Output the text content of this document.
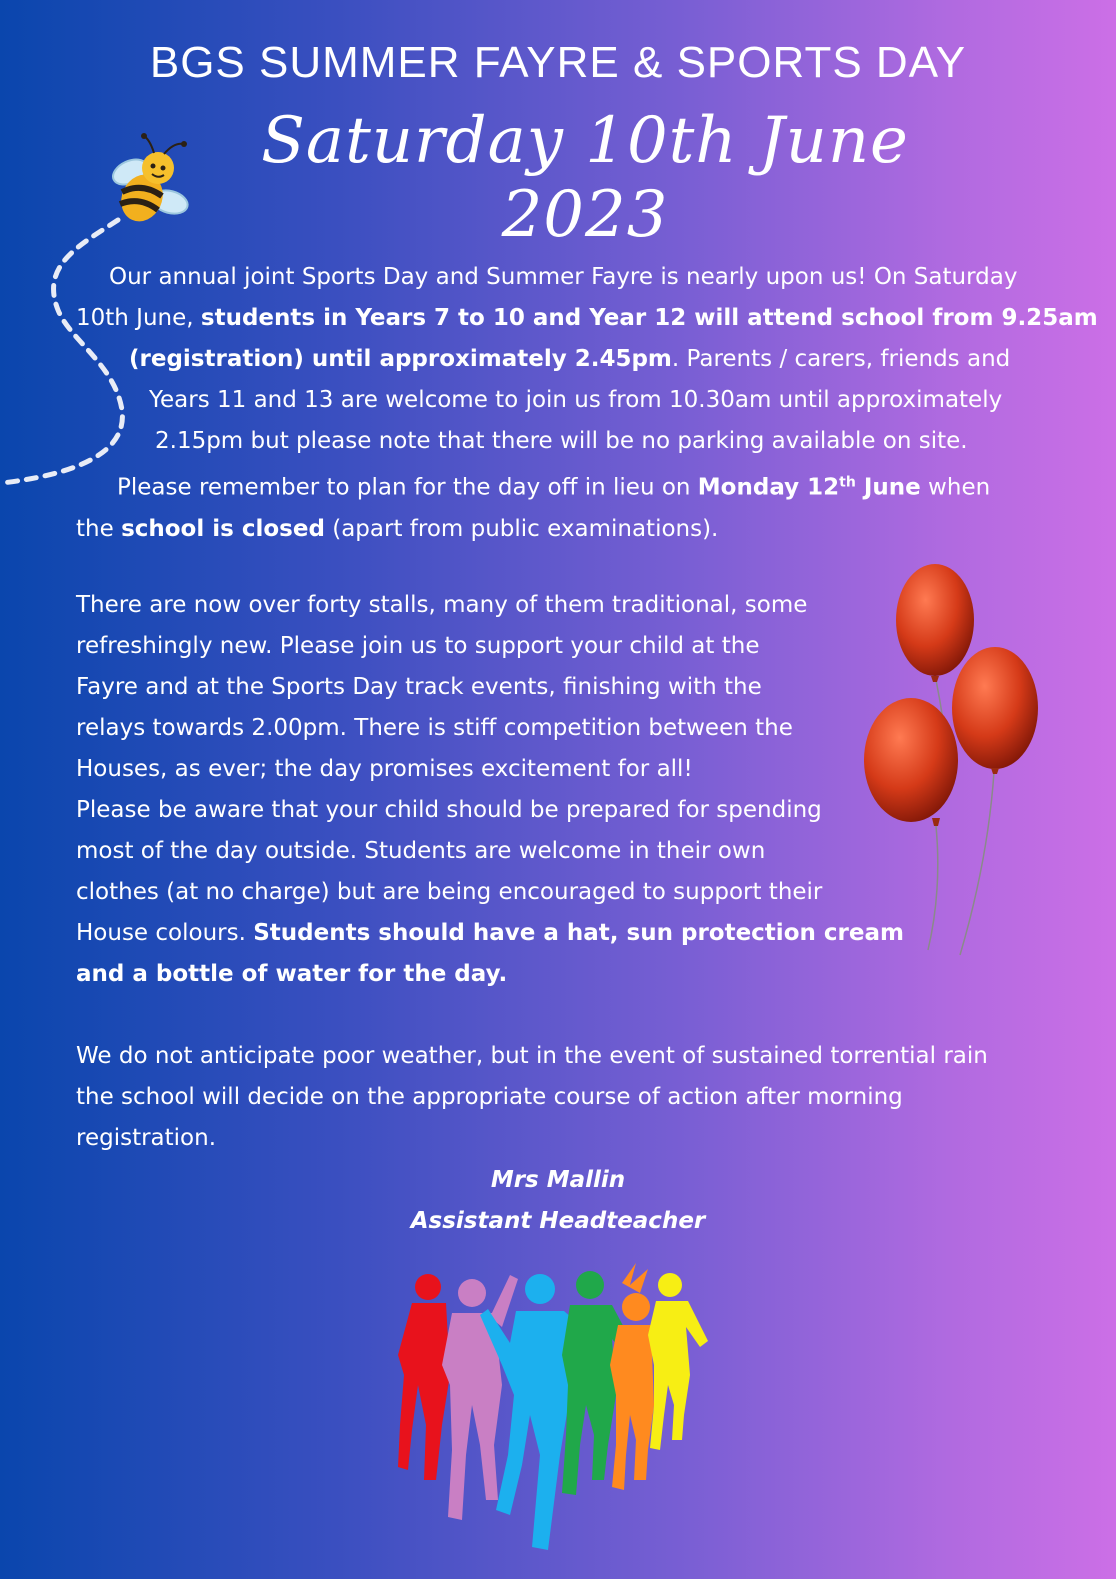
BGS SUMMER FAYRE & SPORTS DAY
Saturday 10th June 2023
Our annual joint Sports Day and Summer Fayre is nearly upon us! On Saturday
10th June, students in Years 7 to 10 and Year 12 will attend school from 9.25am
(registration) until approximately 2.45pm. Parents / carers, friends and
Years 11 and 13 are welcome to join us from 10.30am until approximately
2.15pm but please note that there will be no parking available on site.
Please remember to plan for the day off in lieu on Monday 12th June when
the school is closed (apart from public examinations).
There are now over forty stalls, many of them traditional, some
refreshingly new. Please join us to support your child at the
Fayre and at the Sports Day track events, finishing with the
relays towards 2.00pm. There is stiff competition between the
Houses, as ever; the day promises excitement for all!
Please be aware that your child should be prepared for spending
most of the day outside. Students are welcome in their own
clothes (at no charge) but are being encouraged to support their
House colours. Students should have a hat, sun protection cream
and a bottle of water for the day.
We do not anticipate poor weather, but in the event of sustained torrential rain
the school will decide on the appropriate course of action after morning
registration.
Mrs Mallin
Assistant Headteacher
